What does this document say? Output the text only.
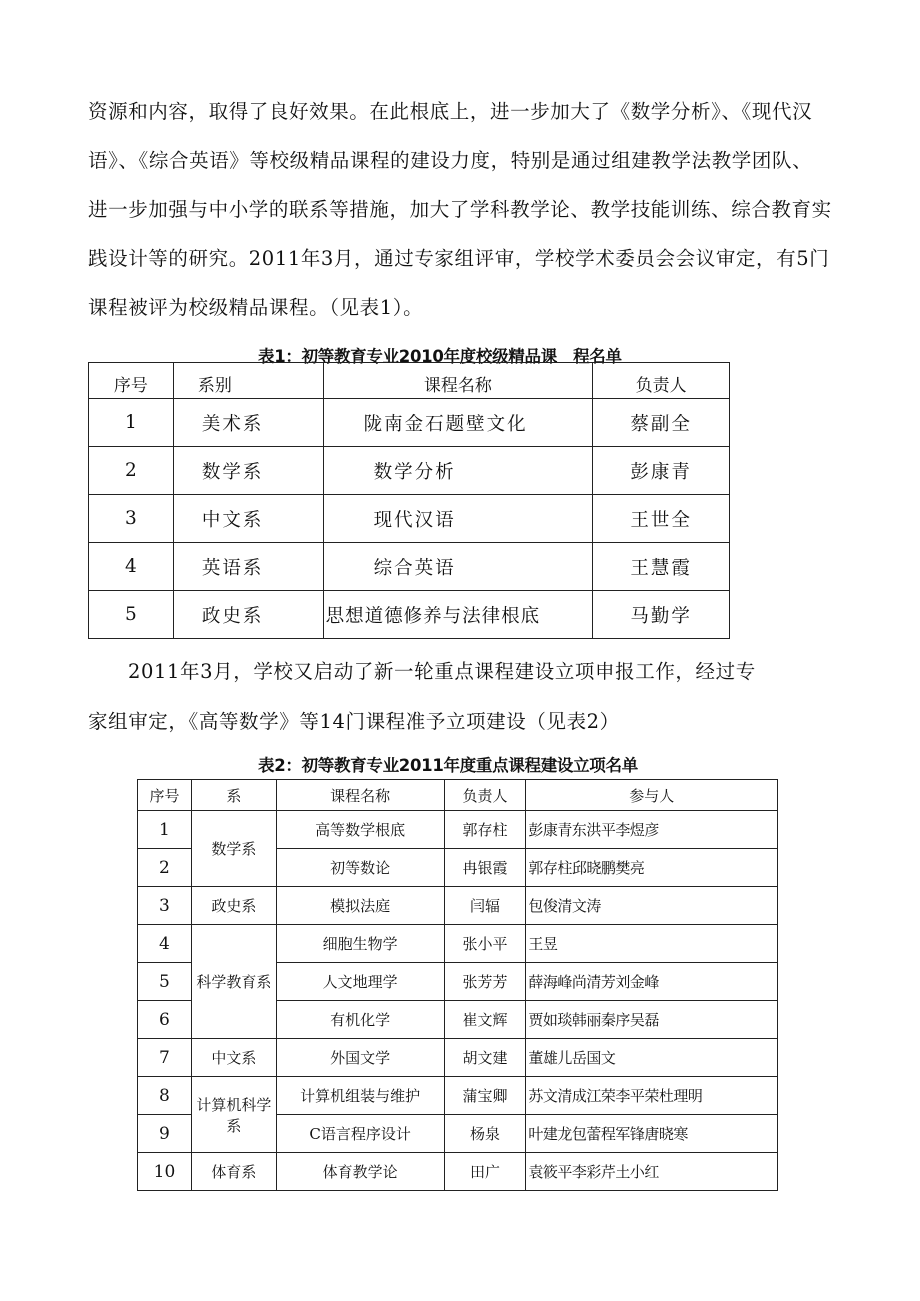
资源和内容，取得了良好效果。在此根底上，进一步加大了《数学分析》、《现代汉

语》、《综合英语》等校级精品课程的建设力度，特别是通过组建教学法教学团队、

进一步加强与中小学的联系等措施，加大了学科教学论、教学技能训练、综合教育实

践设计等的研究。2011年3月，通过专家组评审，学校学术委员会会议审定，有5门

课程被评为校级精品课程。（见表1）。

表1：初等教育专业2010年度校级精品课　程名单
序号	系别	课程名称	负责人
1	美术系	陇南金石题壁文化	蔡副全
2	数学系	数学分析	彭康青
3	中文系	现代汉语	王世全
4	英语系	综合英语	王慧霞
5	政史系	思想道德修养与法律根底	马勤学

2011年3月，学校又启动了新一轮重点课程建设立项申报工作，经过专

家组审定，《高等数学》等14门课程准予立项建设（见表2）

表2：初等教育专业2011年度重点课程建设立项名单
序号	系	课程名称	负责人	参与人
1	数学系	高等数学根底	郭存柱	彭康青东洪平李煜彦
2		初等数论	冉银霞	郭存柱邱晓鹏樊亮
3	政史系	模拟法庭	闫辐	包俊清文涛
4	科学教育系	细胞生物学	张小平	王昱
5		人文地理学	张芳芳	薛海峰尚清芳刘金峰
6		有机化学	崔文辉	贾如琰韩丽秦序吴磊
7	中文系	外国文学	胡文建	董雄儿岳国文
8	计算机科学系	计算机组装与维护	蒲宝卿	苏文清成江荣李平荣杜理明
9		C语言程序设计	杨泉	叶建龙包蕾程军锋唐晓寒
10	体育系	体育教学论	田广	袁筱平李彩芹土小红
